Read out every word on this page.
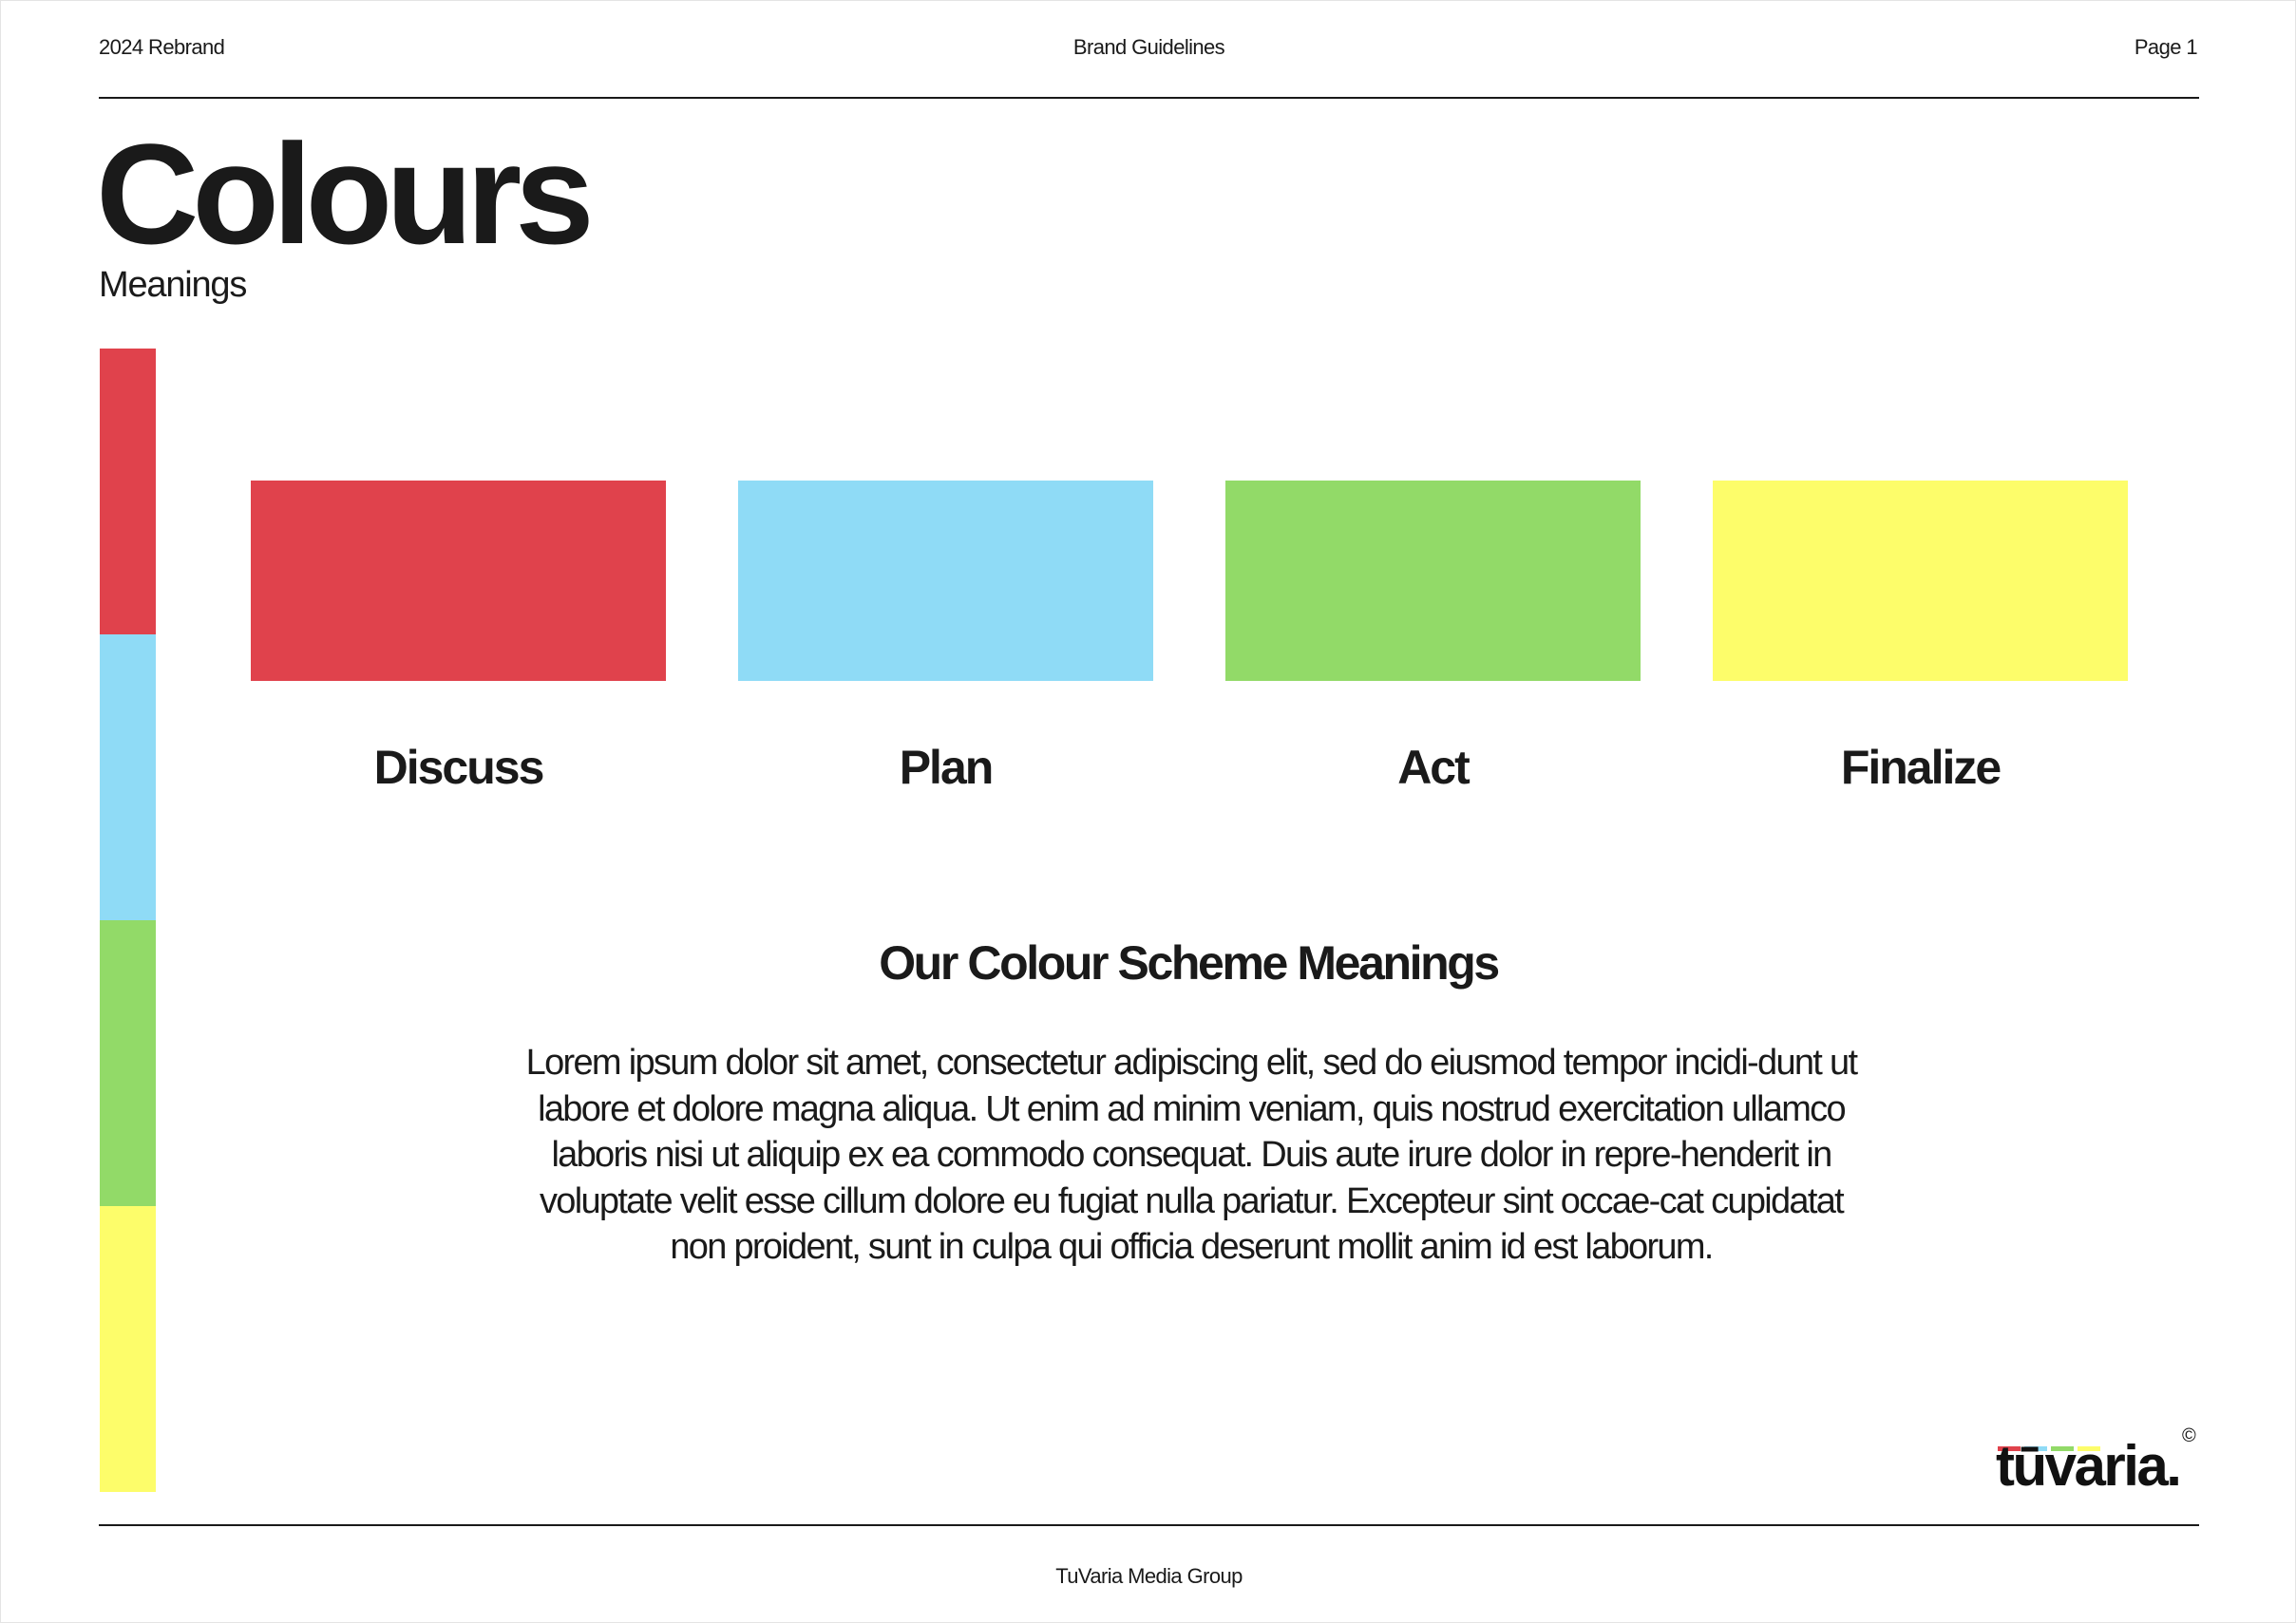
2024 Rebrand	Brand Guidelines	Page 1
Colours
Meanings
Discuss	Plan	Act	Finalize
Our Colour Scheme Meanings

Lorem ipsum dolor sit amet, consectetur adipiscing elit, sed do eiusmod tempor incidi-dunt ut labore et dolore magna aliqua. Ut enim ad minim veniam, quis nostrud exercitation ullamco laboris nisi ut aliquip ex ea commodo consequat. Duis aute irure dolor in repre-henderit in voluptate velit esse cillum dolore eu fugiat nulla pariatur. Excepteur sint occae-cat cupidatat non proident, sunt in culpa qui officia deserunt mollit anim id est laborum.

tūvaria. ©
TuVaria Media Group
